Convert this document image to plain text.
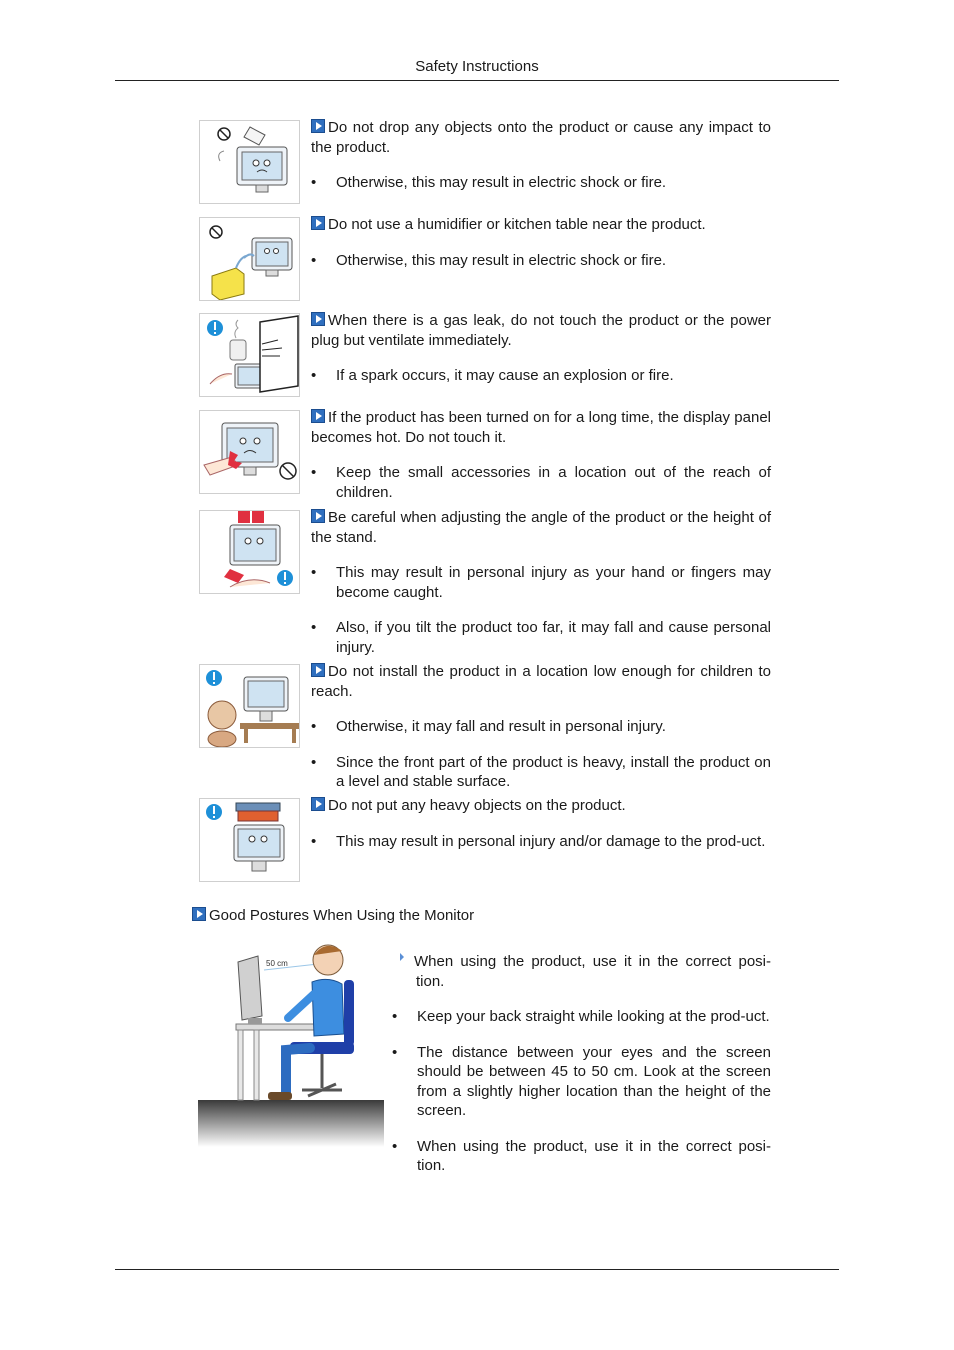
Safety Instructions
Do not drop any objects onto the product or cause any impact to the product.
• Otherwise, this may result in electric shock or fire.
Do not use a humidifier or kitchen table near the product.
• Otherwise, this may result in electric shock or fire.
When there is a gas leak, do not touch the product or the power plug but ventilate immediately.
• If a spark occurs, it may cause an explosion or fire.
If the product has been turned on for a long time, the display panel becomes hot. Do not touch it.
• Keep the small accessories in a location out of the reach of children.
Be careful when adjusting the angle of the product or the height of the stand.
• This may result in personal injury as your hand or fingers may become caught.
• Also, if you tilt the product too far, it may fall and cause personal injury.
Do not install the product in a location low enough for children to reach.
• Otherwise, it may fall and result in personal injury.
• Since the front part of the product is heavy, install the product on a level and stable surface.
Do not put any heavy objects on the product.
• This may result in personal injury and/or damage to the prod-uct.
Good Postures When Using the Monitor
50 cm	When using the product, use it in the correct posi-tion.
• Keep your back straight while looking at the prod-uct.
• The distance between your eyes and the screen should be between 45 to 50 cm. Look at the screen from a slightly higher location than the height of the screen.
• When using the product, use it in the correct posi-tion.
